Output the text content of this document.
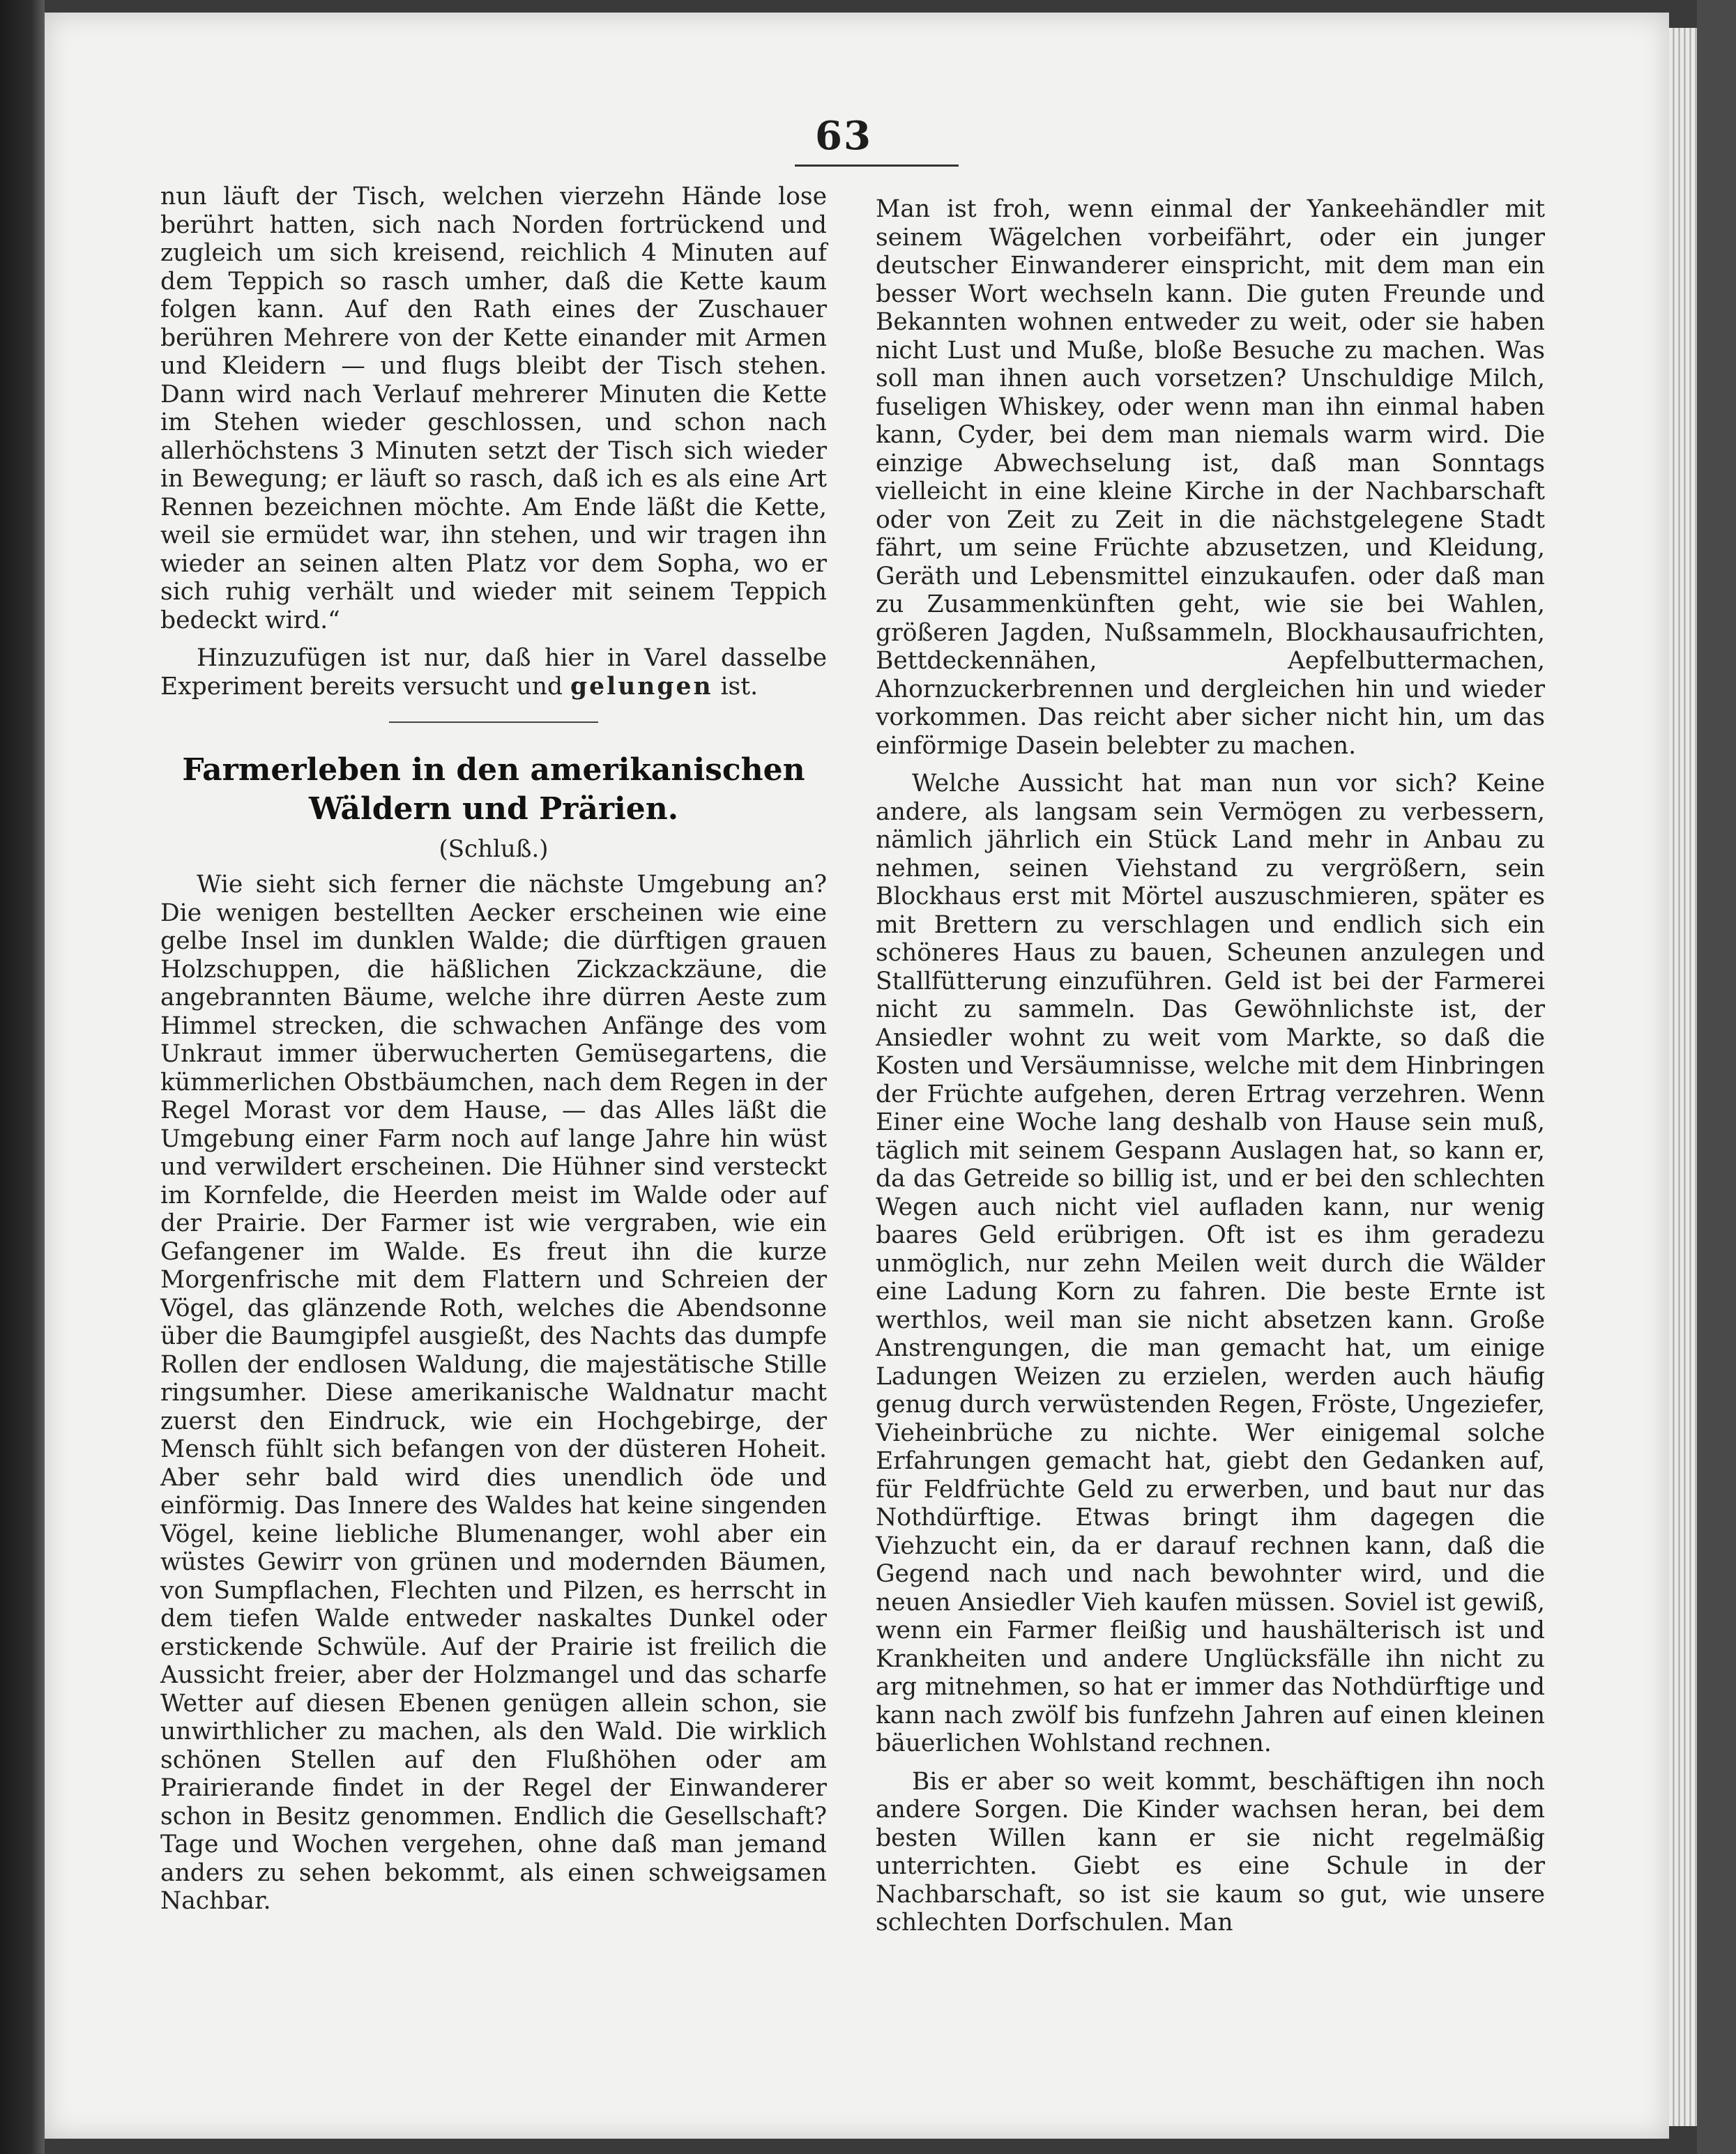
63

nun läuft der Tisch, welchen vierzehn Hände lose berührt hatten, sich nach Norden fortrückend und zugleich um sich kreisend, reichlich 4 Minuten auf dem Teppich so rasch umher, daß die Kette kaum folgen kann. Auf den Rath eines der Zuschauer berühren Mehrere von der Kette einander mit Armen und Kleidern — und flugs bleibt der Tisch stehen. Dann wird nach Verlauf mehrerer Minuten die Kette im Stehen wieder geschlossen, und schon nach allerhöchstens 3 Minuten setzt der Tisch sich wieder in Bewegung; er läuft so rasch, daß ich es als eine Art Rennen bezeichnen möchte. Am Ende läßt die Kette, weil sie ermüdet war, ihn stehen, und wir tragen ihn wieder an seinen alten Platz vor dem Sopha, wo er sich ruhig verhält und wieder mit seinem Teppich bedeckt wird.“

Hinzuzufügen ist nur, daß hier in Varel dasselbe Experiment bereits versucht und gelungen ist.

Farmerleben in den amerikanischen Wäldern und Prärien.
(Schluß.)

Wie sieht sich ferner die nächste Umgebung an? Die wenigen bestellten Aecker erscheinen wie eine gelbe Insel im dunklen Walde; die dürftigen grauen Holzschuppen, die häßlichen Zickzackzäune, die angebrannten Bäume, welche ihre dürren Aeste zum Himmel strecken, die schwachen Anfänge des vom Unkraut immer überwucherten Gemüsegartens, die kümmerlichen Obstbäumchen, nach dem Regen in der Regel Morast vor dem Hause, — das Alles läßt die Umgebung einer Farm noch auf lange Jahre hin wüst und verwildert erscheinen. Die Hühner sind versteckt im Kornfelde, die Heerden meist im Walde oder auf der Prairie. Der Farmer ist wie vergraben, wie ein Gefangener im Walde. Es freut ihn die kurze Morgenfrische mit dem Flattern und Schreien der Vögel, das glänzende Roth, welches die Abendsonne über die Baumgipfel ausgießt, des Nachts das dumpfe Rollen der endlosen Waldung, die majestätische Stille ringsumher. Diese amerikanische Waldnatur macht zuerst den Eindruck, wie ein Hochgebirge, der Mensch fühlt sich befangen von der düsteren Hoheit. Aber sehr bald wird dies unendlich öde und einförmig. Das Innere des Waldes hat keine singenden Vögel, keine liebliche Blumenanger, wohl aber ein wüstes Gewirr von grünen und modernden Bäumen, von Sumpflachen, Flechten und Pilzen, es herrscht in dem tiefen Walde entweder naskaltes Dunkel oder erstickende Schwüle. Auf der Prairie ist freilich die Aussicht freier, aber der Holzmangel und das scharfe Wetter auf diesen Ebenen genügen allein schon, sie unwirthlicher zu machen, als den Wald. Die wirklich schönen Stellen auf den Flußhöhen oder am Prairierande findet in der Regel der Einwanderer schon in Besitz genommen. Endlich die Gesellschaft? Tage und Wochen vergehen, ohne daß man jemand anders zu sehen bekommt, als einen schweigsamen Nachbar.

Man ist froh, wenn einmal der Yankeehändler mit seinem Wägelchen vorbeifährt, oder ein junger deutscher Einwanderer einspricht, mit dem man ein besser Wort wechseln kann. Die guten Freunde und Bekannten wohnen entweder zu weit, oder sie haben nicht Lust und Muße, bloße Besuche zu machen. Was soll man ihnen auch vorsetzen? Unschuldige Milch, fuseligen Whiskey, oder wenn man ihn einmal haben kann, Cyder, bei dem man niemals warm wird. Die einzige Abwechselung ist, daß man Sonntags vielleicht in eine kleine Kirche in der Nachbarschaft oder von Zeit zu Zeit in die nächstgelegene Stadt fährt, um seine Früchte abzusetzen, und Kleidung, Geräth und Lebensmittel einzukaufen. oder daß man zu Zusammenkünften geht, wie sie bei Wahlen, größeren Jagden, Nußsammeln, Blockhausaufrichten, Bettdeckennähen, Aepfelbuttermachen, Ahornzuckerbrennen und dergleichen hin und wieder vorkommen. Das reicht aber sicher nicht hin, um das einförmige Dasein belebter zu machen.

Welche Aussicht hat man nun vor sich? Keine andere, als langsam sein Vermögen zu verbessern, nämlich jährlich ein Stück Land mehr in Anbau zu nehmen, seinen Viehstand zu vergrößern, sein Blockhaus erst mit Mörtel auszuschmieren, später es mit Brettern zu verschlagen und endlich sich ein schöneres Haus zu bauen, Scheunen anzulegen und Stallfütterung einzuführen. Geld ist bei der Farmerei nicht zu sammeln. Das Gewöhnlichste ist, der Ansiedler wohnt zu weit vom Markte, so daß die Kosten und Versäumnisse, welche mit dem Hinbringen der Früchte aufgehen, deren Ertrag verzehren. Wenn Einer eine Woche lang deshalb von Hause sein muß, täglich mit seinem Gespann Auslagen hat, so kann er, da das Getreide so billig ist, und er bei den schlechten Wegen auch nicht viel aufladen kann, nur wenig baares Geld erübrigen. Oft ist es ihm geradezu unmöglich, nur zehn Meilen weit durch die Wälder eine Ladung Korn zu fahren. Die beste Ernte ist werthlos, weil man sie nicht absetzen kann. Große Anstrengungen, die man gemacht hat, um einige Ladungen Weizen zu erzielen, werden auch häufig genug durch verwüstenden Regen, Fröste, Ungeziefer, Vieheinbrüche zu nichte. Wer einigemal solche Erfahrungen gemacht hat, giebt den Gedanken auf, für Feldfrüchte Geld zu erwerben, und baut nur das Nothdürftige. Etwas bringt ihm dagegen die Viehzucht ein, da er darauf rechnen kann, daß die Gegend nach und nach bewohnter wird, und die neuen Ansiedler Vieh kaufen müssen. Soviel ist gewiß, wenn ein Farmer fleißig und haushälterisch ist und Krankheiten und andere Unglücksfälle ihn nicht zu arg mitnehmen, so hat er immer das Nothdürftige und kann nach zwölf bis funfzehn Jahren auf einen kleinen bäuerlichen Wohlstand rechnen.

Bis er aber so weit kommt, beschäftigen ihn noch andere Sorgen. Die Kinder wachsen heran, bei dem besten Willen kann er sie nicht regelmäßig unterrichten. Giebt es eine Schule in der Nachbarschaft, so ist sie kaum so gut, wie unsere schlechten Dorfschulen. Man
